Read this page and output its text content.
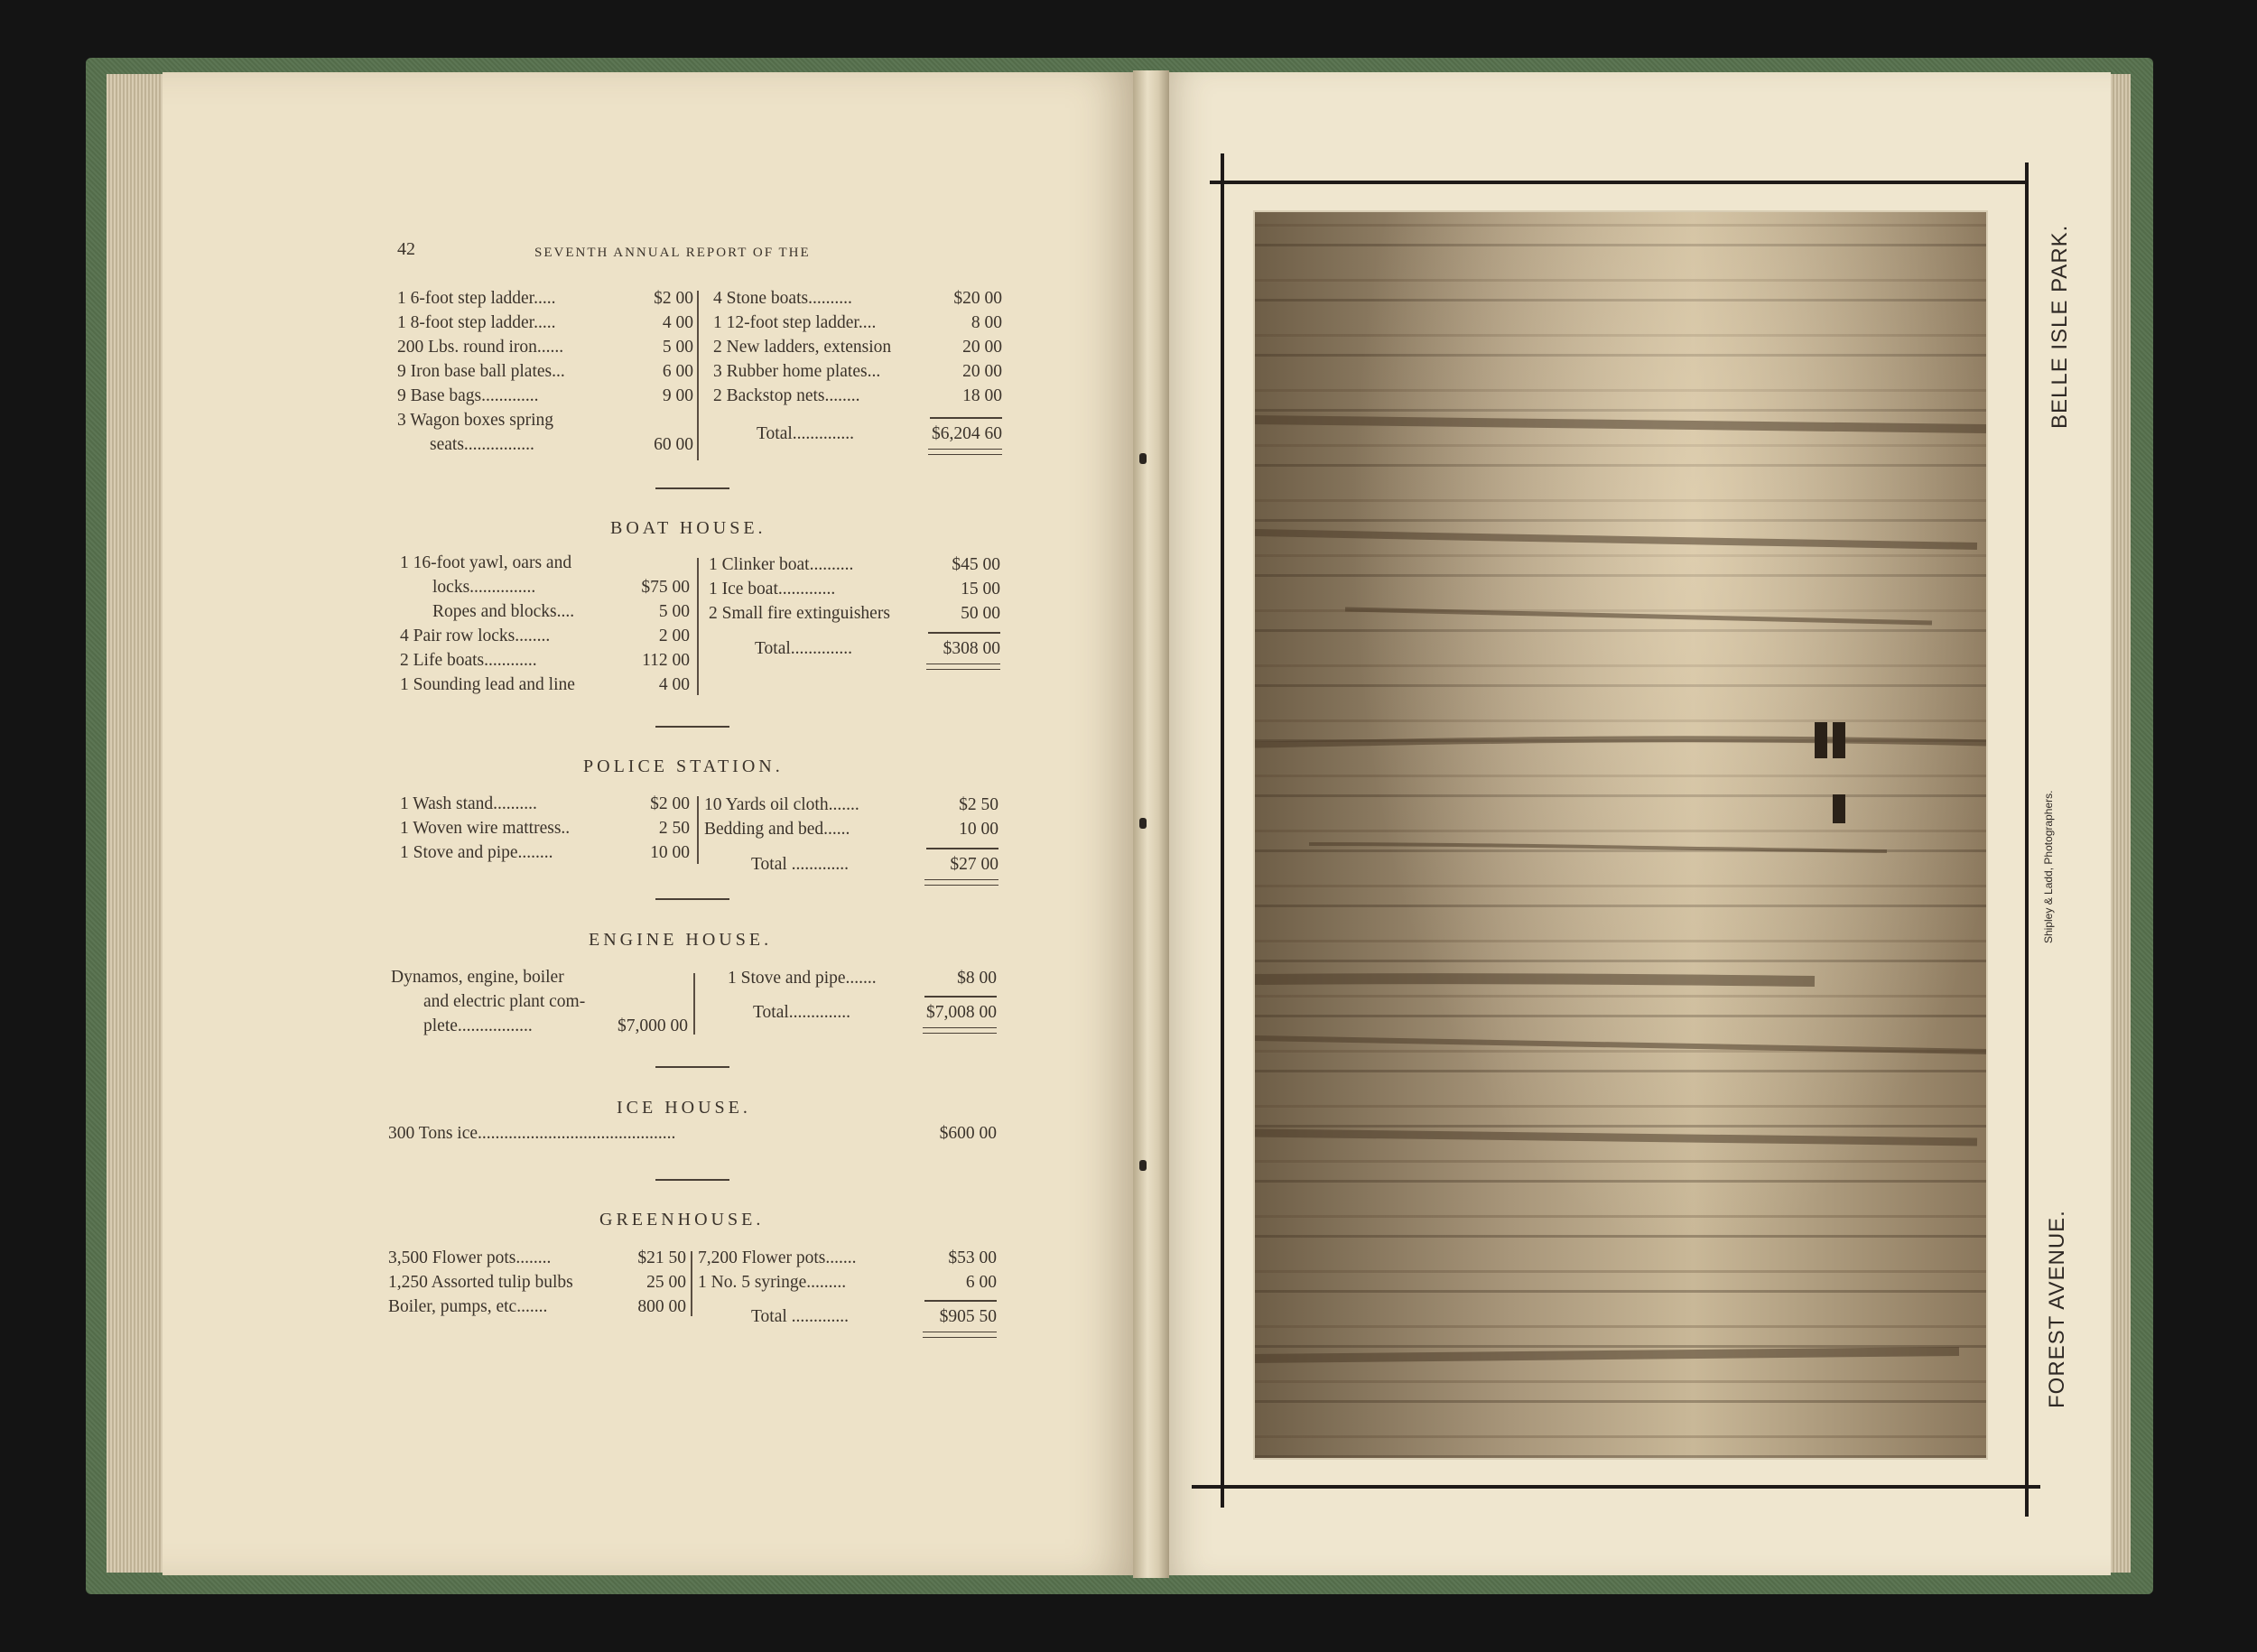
42	SEVENTH ANNUAL REPORT OF THE
1 6-foot step ladder.....	$2 00
1 8-foot step ladder.....	4 00
200 Lbs. round iron......	5 00
9 Iron base ball plates...	6 00
9 Base bags.............	9 00
3 Wagon boxes spring
seats................	60 00
4 Stone boats..........	$20 00
1 12-foot step ladder....	8 00
2 New ladders, extension	20 00
3 Rubber home plates...	20 00
2 Backstop nets........	18 00
Total..............	$6,204 60
BOAT HOUSE.
1 16-foot yawl, oars and
locks...............	$75 00
Ropes and blocks....	5 00
4 Pair row locks........	2 00
2 Life boats............	112 00
1 Sounding lead and line	4 00
1 Clinker boat..........	$45 00
1 Ice boat.............	15 00
2 Small fire extinguishers	50 00
Total..............	$308 00
POLICE STATION.
1 Wash stand..........	$2 00
1 Woven wire mattress..	2 50
1 Stove and pipe........	10 00
10 Yards oil cloth.......	$2 50
Bedding and bed......	10 00
Total .............	$27 00
ENGINE HOUSE.
Dynamos, engine, boiler
and electric plant com-
plete.................	$7,000 00
1 Stove and pipe.......	$8 00
Total..............	$7,008 00
ICE HOUSE.
300 Tons ice.............................................	$600 00
GREENHOUSE.
3,500 Flower pots........	$21 50
1,250 Assorted tulip bulbs	25 00
Boiler, pumps, etc.......	800 00
7,200 Flower pots.......	$53 00
1 No. 5 syringe.........	6 00
Total .............	$905 50
BELLE ISLE PARK.
Shipley & Ladd, Photographers.
FOREST AVENUE.
